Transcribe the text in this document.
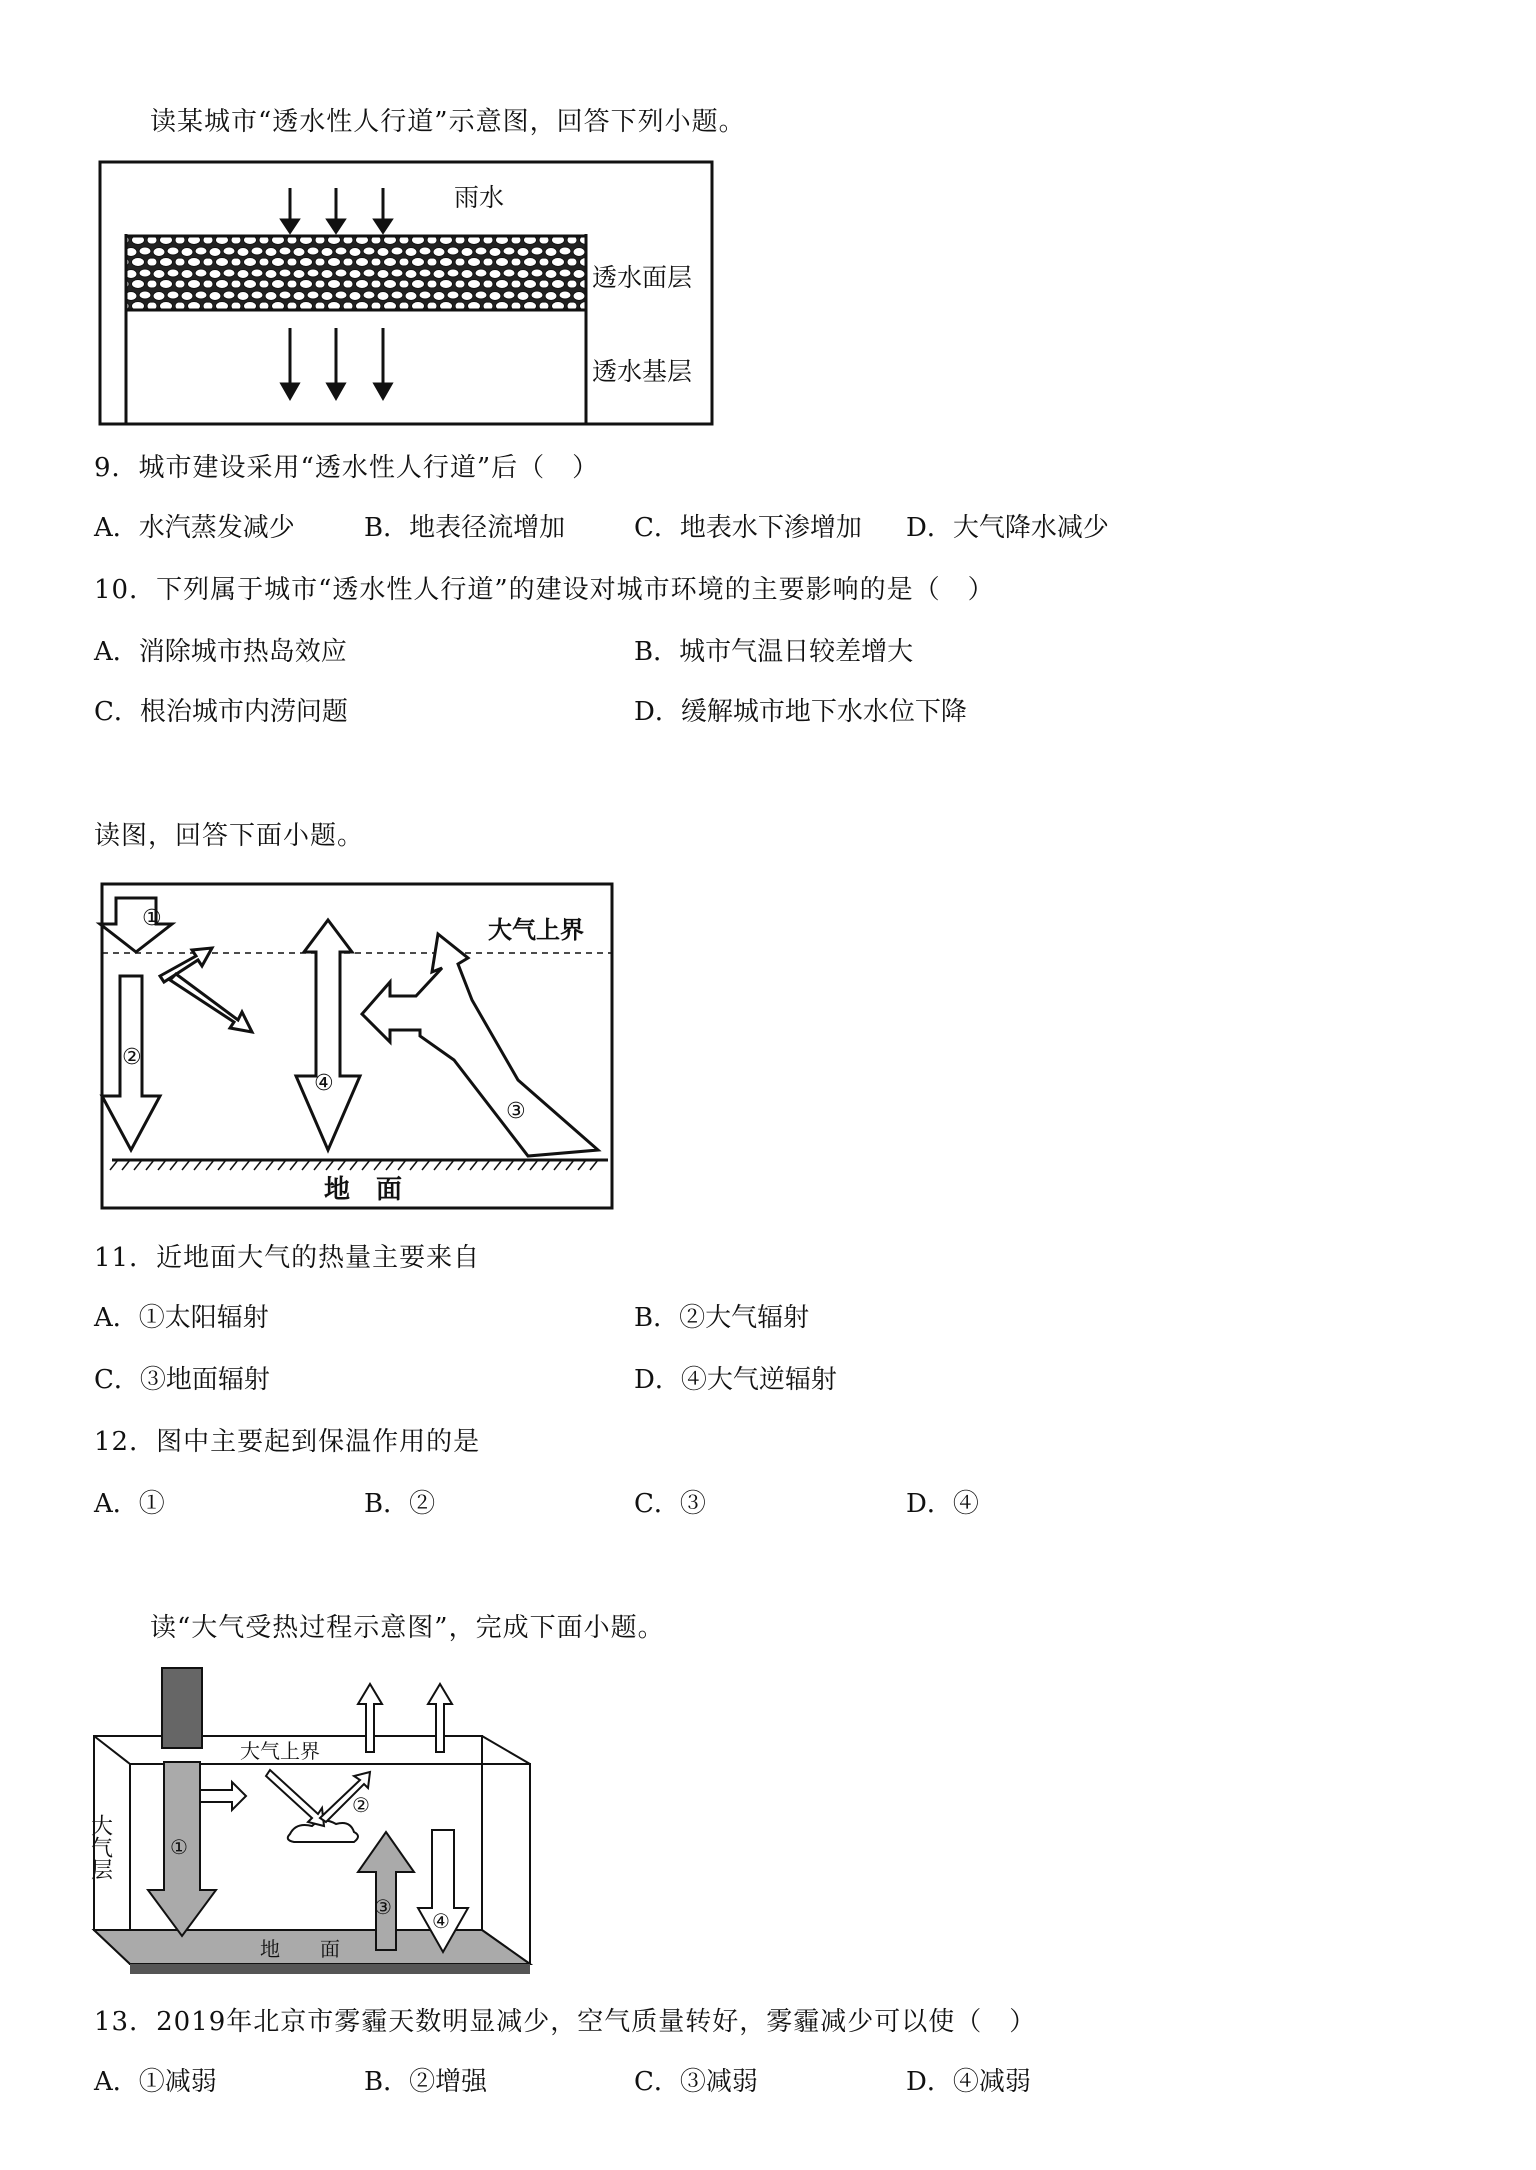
读某城市“透水性人行道”示意图，回答下列小题。
雨水
透水面层
透水基层
9．城市建设采用“透水性人行道”后（　）
A．水汽蒸发减少	B．地表径流增加	C．地表水下渗增加 D．大气降水减少
10．下列属于城市“透水性人行道”的建设对城市环境的主要影响的是（　）
A．消除城市热岛效应	B．城市气温日较差增大
C．根治城市内涝问题	D．缓解城市地下水水位下降
读图，回答下面小题。
①
②
④
③
大气上界
地　面
11．近地面大气的热量主要来自
A．①太阳辐射	B．②大气辐射
C．③地面辐射	D．④大气逆辐射
12．图中主要起到保温作用的是
A．①	B．②	C．③	D．④
读“大气受热过程示意图”，完成下面小题。
大气上界
大气层	①
②
③
④
地　　面
13．2019年北京市雾霾天数明显减少，空气质量转好，雾霾减少可以使（　）
A．①减弱	B．②增强	C．③减弱	D．④减弱
